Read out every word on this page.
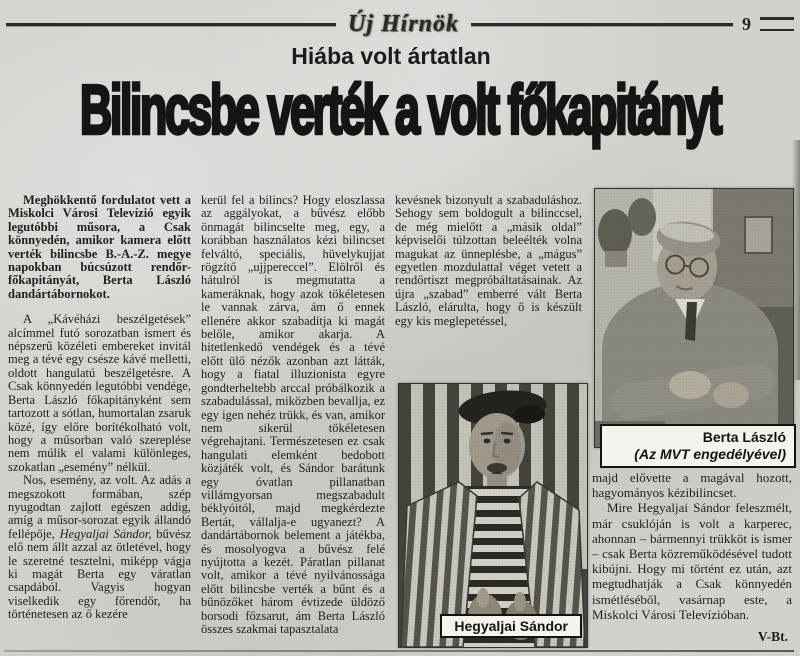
Új Hírnök	9
Hiába volt ártatlan
Bilincsbe verték a volt főkapitányt

Meghökkentő fordulatot vett a Miskolci Városi Televízió egyik legutóbbi műsora, a Csak könnyedén, amikor kamera előtt verték bilincsbe B.-A.-Z. megye napokban búcsúzott rendőr-főkapitányát, Berta László dandártábornokot.

A „Kávéházi beszélgetések” alcímmel futó sorozatban ismert és népszerű közéleti embereket invitál meg a tévé egy csésze kávé melletti, oldott hangulatú beszélgetésre. A Csak könnyedén legutóbbi vendége, Berta László főkapitányként sem tartozott a sótlan, humortalan zsaruk közé, így előre borítékolható volt, hogy a műsorban való szereplése nem múlik el valami különleges, szokatlan „esemény” nélkül.

Nos, esemény, az volt. Az adás a megszokott formában, szép nyugodtan zajlott egészen addig, amíg a műsor-sorozat egyik állandó fellépője, Hegyaljai Sándor, bűvész elő nem állt azzal az ötletével, hogy le szeretné tesztelni, miképp vágja ki magát Berta egy váratlan csapdából. Vagyis hogyan viselkedik egy főrendőr, ha történetesen az ő kezére

kerül fel a bilincs? Hogy eloszlassa az aggályokat, a bűvész előbb önmagát bilincselte meg, egy, a korábban használatos kézi bilincset felváltó, speciális, hüvelykujjat rögzítő „ujjpereccel”. Elölről és hátulról is megmutatta a kameráknak, hogy azok tökéletesen le vannak zárva, ám ő ennek ellenére akkor szabadítja ki magát belőle, amikor akarja. A hitetlenkedő vendégek és a tévé előtt ülő nézők azonban azt látták, hogy a fiatal illuzionista egyre gondterheltebb arccal próbálkozik a szabadulással, miközben bevallja, ez egy igen nehéz trükk, és van, amikor nem sikerül tökéletesen végrehajtani. Természetesen ez csak hangulati elemként bedobott közjáték volt, és Sándor barátunk egy óvatlan pillanatban villámgyorsan megszabadult béklyóitól, majd megkérdezte Bertát, vállalja-e ugyanezt? A dandártábornok belement a játékba, és mosolyogva a bűvész felé nyújtotta a kezét. Páratlan pillanat volt, amikor a tévé nyilvánossága előtt bilincsbe verték a bűnt és a bűnözőket három évtizede üldöző borsodi főzsarut, ám Berta László összes szakmai tapasztalata

kevésnek bizonyult a szabaduláshoz. Sehogy sem boldogult a bilinccsel, de még mielőtt a „másik oldal” képviselői túlzottan beleélték volna magukat az ünneplésbe, a „mágus” egyetlen mozdulattal véget vetett a rendőrtiszt megpróbáltatásainak. Az újra „szabad” emberré vált Berta László, elárulta, hogy ő is készült egy kis meglepetéssel,

Berta László
(Az MVT engedélyével)

majd elővette a magával hozott, hagyományos kézibilincset.

Mire Hegyaljai Sándor feleszmélt, már csuklóján is volt a karperec, ahonnan – bármennyi trükköt is ismer – csak Berta közreműködésével tudott kibújni. Hogy mi történt ez után, azt megtudhatják a Csak könnyedén ismétléséből, vasárnap este, a Miskolci Városi Televízióban.

V-Bt.
Hegyaljai Sándor
